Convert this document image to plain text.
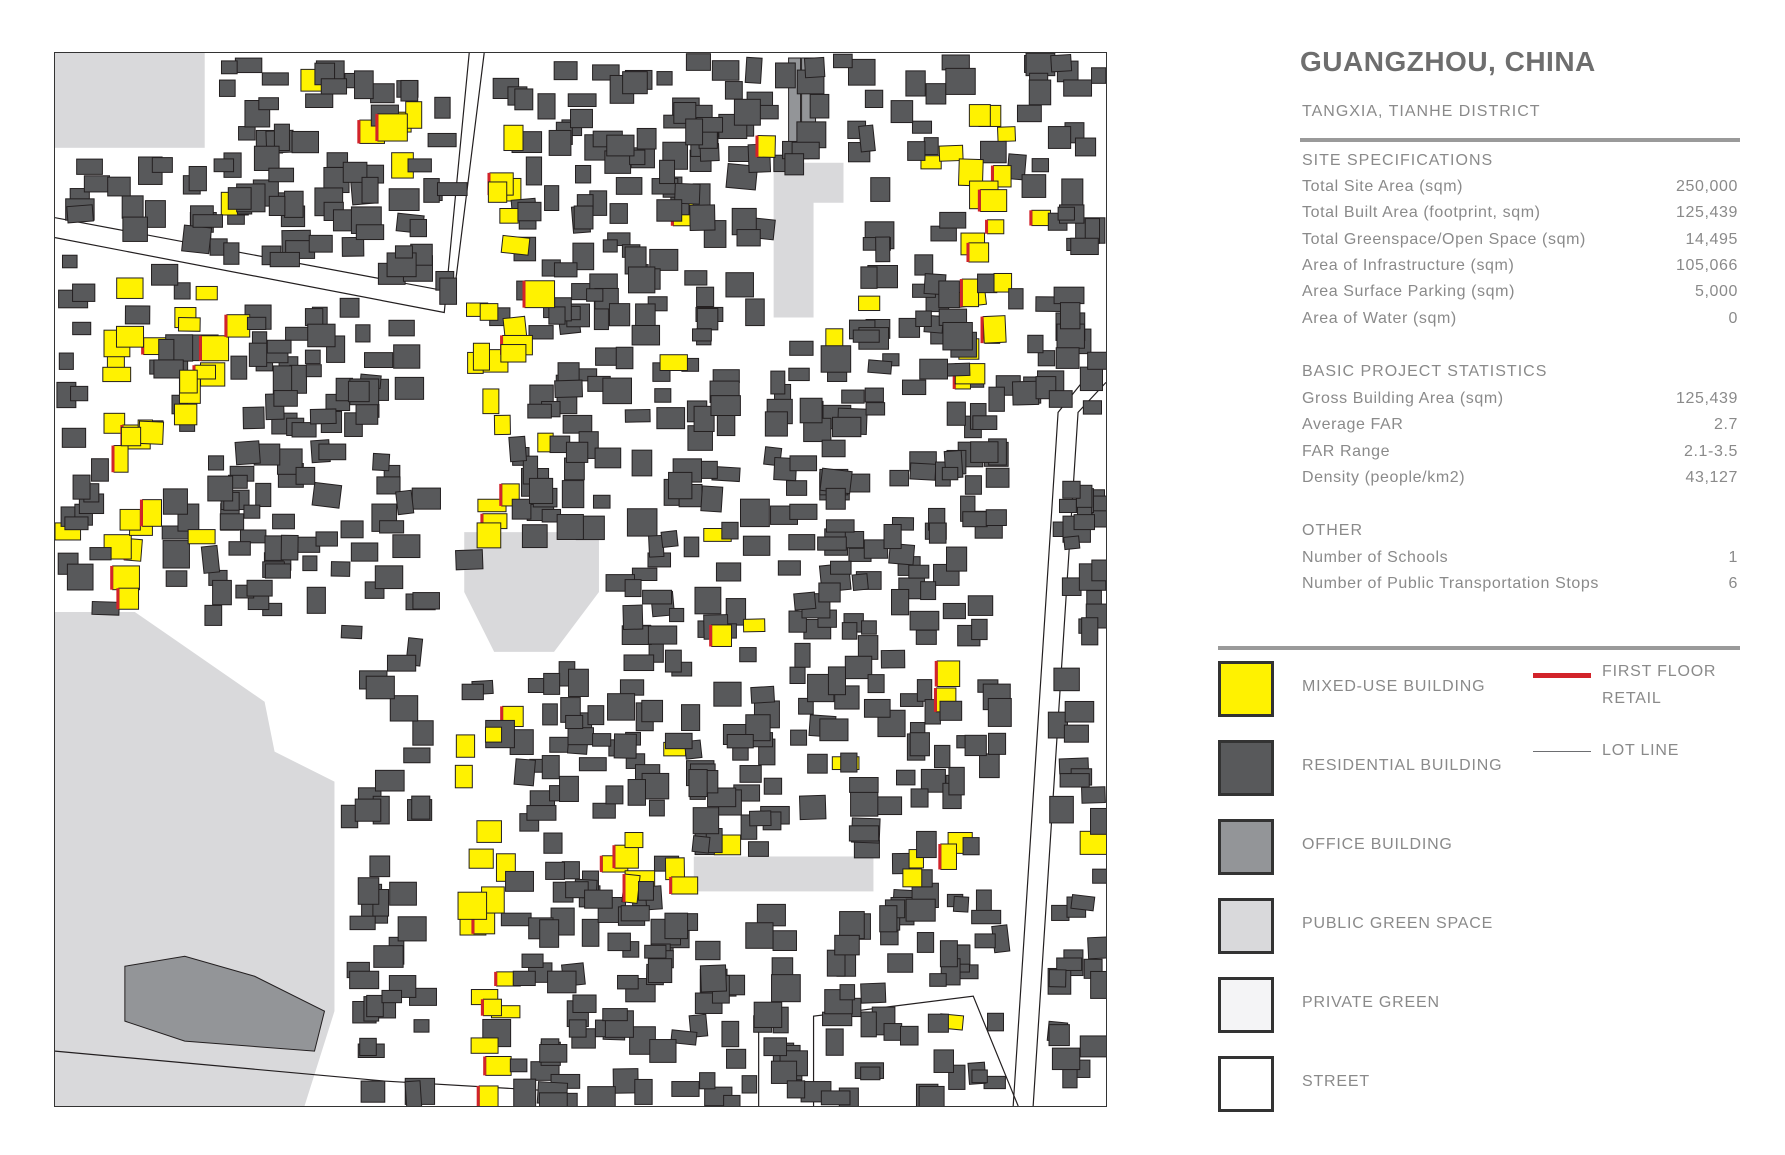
GUANGZHOU, CHINA
TANGXIA, TIANHE DISTRICT
SITE SPECIFICATIONS
Total Site Area (sqm)	250,000
Total Built Area (footprint, sqm)	125,439
Total Greenspace/Open Space (sqm)	14,495
Area of Infrastructure (sqm)	105,066
Area Surface Parking (sqm)	5,000
Area of Water (sqm)	0
BASIC PROJECT STATISTICS
Gross Building Area (sqm)	125,439
Average FAR	2.7
FAR Range	2.1-3.5
Density (people/km2)	43,127
OTHER
Number of Schools	1
Number of Public Transportation Stops	6
MIXED-USE BUILDING
RESIDENTIAL BUILDING
OFFICE BUILDING
PUBLIC GREEN SPACE
PRIVATE GREEN
STREET
FIRST FLOOR
RETAIL
LOT LINE
